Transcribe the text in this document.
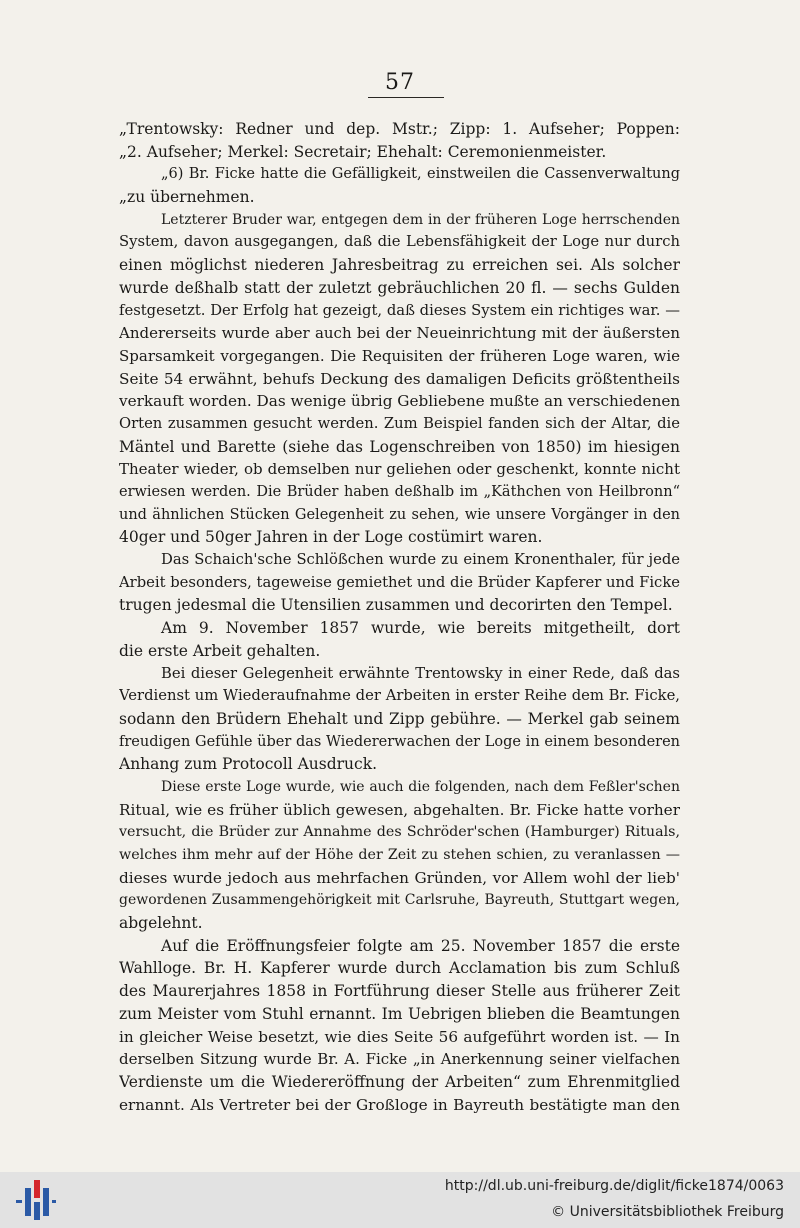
57
„Trentowsky: Redner und dep. Mstr.; Zipp: 1. Aufseher; Poppen:
„2. Aufseher; Merkel: Secretair; Ehehalt: Ceremonienmeister.
„6) Br. Ficke hatte die Gefälligkeit, einstweilen die Cassenverwaltung
„zu übernehmen.
Letzterer Bruder war, entgegen dem in der früheren Loge herrschenden
System, davon ausgegangen, daß die Lebensfähigkeit der Loge nur durch
einen möglichst niederen Jahresbeitrag zu erreichen sei. Als solcher
wurde deßhalb statt der zuletzt gebräuchlichen 20 fl. — sechs Gulden
festgesetzt. Der Erfolg hat gezeigt, daß dieses System ein richtiges war. —
Andererseits wurde aber auch bei der Neueinrichtung mit der äußersten
Sparsamkeit vorgegangen. Die Requisiten der früheren Loge waren, wie
Seite 54 erwähnt, behufs Deckung des damaligen Deficits größtentheils
verkauft worden. Das wenige übrig Gebliebene mußte an verschiedenen
Orten zusammen gesucht werden. Zum Beispiel fanden sich der Altar, die
Mäntel und Barette (siehe das Logenschreiben von 1850) im hiesigen
Theater wieder, ob demselben nur geliehen oder geschenkt, konnte nicht
erwiesen werden. Die Brüder haben deßhalb im „Käthchen von Heilbronn“
und ähnlichen Stücken Gelegenheit zu sehen, wie unsere Vorgänger in den
40ger und 50ger Jahren in der Loge costümirt waren.
Das Schaich'sche Schlößchen wurde zu einem Kronenthaler, für jede
Arbeit besonders, tageweise gemiethet und die Brüder Kapferer und Ficke
trugen jedesmal die Utensilien zusammen und decorirten den Tempel.
Am 9. November 1857 wurde, wie bereits mitgetheilt, dort
die erste Arbeit gehalten.
Bei dieser Gelegenheit erwähnte Trentowsky in einer Rede, daß das
Verdienst um Wiederaufnahme der Arbeiten in erster Reihe dem Br. Ficke,
sodann den Brüdern Ehehalt und Zipp gebühre. — Merkel gab seinem
freudigen Gefühle über das Wiedererwachen der Loge in einem besonderen
Anhang zum Protocoll Ausdruck.
Diese erste Loge wurde, wie auch die folgenden, nach dem Feßler'schen
Ritual, wie es früher üblich gewesen, abgehalten. Br. Ficke hatte vorher
versucht, die Brüder zur Annahme des Schröder'schen (Hamburger) Rituals,
welches ihm mehr auf der Höhe der Zeit zu stehen schien, zu veranlassen —
dieses wurde jedoch aus mehrfachen Gründen, vor Allem wohl der lieb'
gewordenen Zusammengehörigkeit mit Carlsruhe, Bayreuth, Stuttgart wegen,
abgelehnt.
Auf die Eröffnungsfeier folgte am 25. November 1857 die erste
Wahlloge. Br. H. Kapferer wurde durch Acclamation bis zum Schluß
des Maurerjahres 1858 in Fortführung dieser Stelle aus früherer Zeit
zum Meister vom Stuhl ernannt. Im Uebrigen blieben die Beamtungen
in gleicher Weise besetzt, wie dies Seite 56 aufgeführt worden ist. — In
derselben Sitzung wurde Br. A. Ficke „in Anerkennung seiner vielfachen
Verdienste um die Wiedereröffnung der Arbeiten“ zum Ehrenmitglied
ernannt. Als Vertreter bei der Großloge in Bayreuth bestätigte man den
http://dl.ub.uni-freiburg.de/diglit/ficke1874/0063
© Universitätsbibliothek Freiburg
